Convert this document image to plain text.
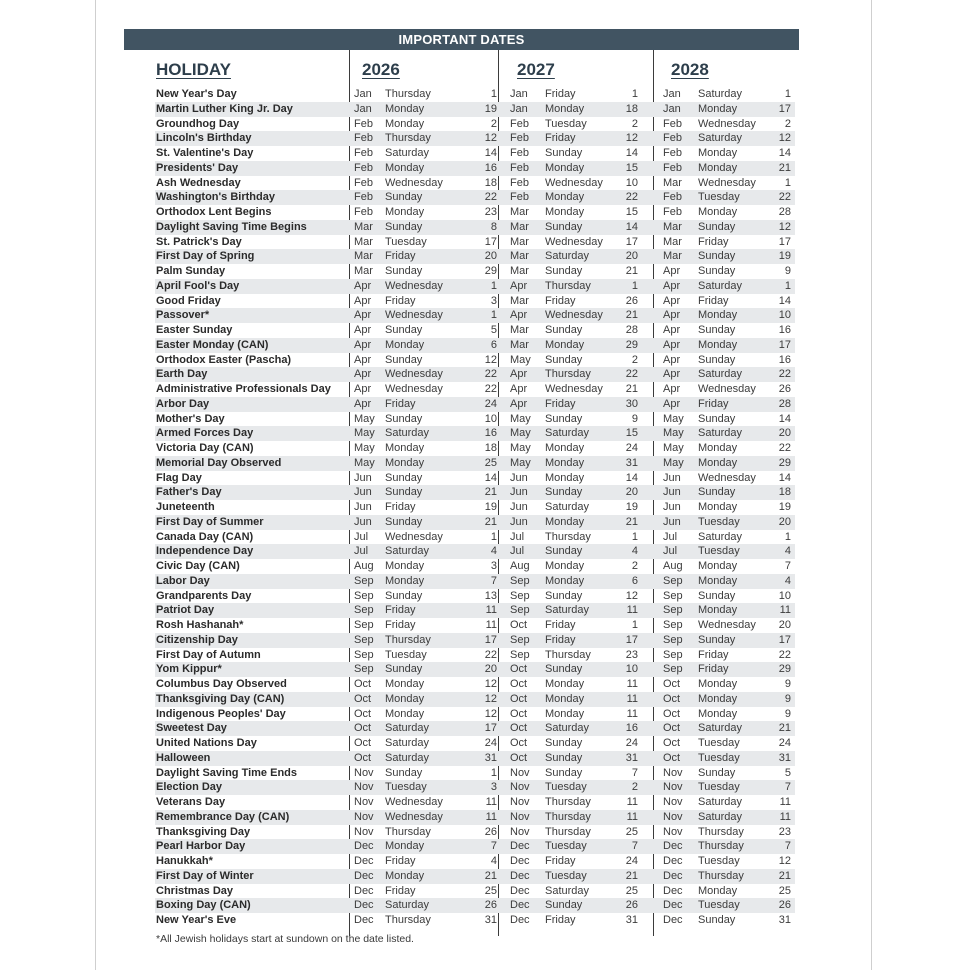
IMPORTANT DATES
HOLIDAY	2026	2027	2028
New Year's Day	Jan Thursday	1 Jan Friday	1 Jan Saturday	1
Martin Luther King Jr. Day	Jan Monday	19 Jan Monday	18 Jan Monday	17
Groundhog Day	Feb Monday	2 Feb Tuesday	2 Feb Wednesday	2
Lincoln's Birthday	Feb Thursday	12 Feb Friday	12 Feb Saturday	12
St. Valentine's Day	Feb Saturday	14 Feb Sunday	14 Feb Monday	14
Presidents' Day	Feb Monday	16 Feb Monday	15 Feb Monday	21
Ash Wednesday	Feb Wednesday	18 Feb Wednesday	10 Mar Wednesday	1
Washington's Birthday	Feb Sunday	22 Feb Monday	22 Feb Tuesday	22
Orthodox Lent Begins	Feb Monday	23 Mar Monday	15 Feb Monday	28
Daylight Saving Time Begins	Mar Sunday	8 Mar Sunday	14 Mar Sunday	12
St. Patrick's Day	Mar Tuesday	17 Mar Wednesday	17 Mar Friday	17
First Day of Spring	Mar Friday	20 Mar Saturday	20 Mar Sunday	19
Palm Sunday	Mar Sunday	29 Mar Sunday	21 Apr Sunday	9
April Fool's Day	Apr Wednesday	1 Apr Thursday	1 Apr Saturday	1
Good Friday	Apr Friday	3 Mar Friday	26 Apr Friday	14
Passover*	Apr Wednesday	1 Apr Wednesday	21 Apr Monday	10
Easter Sunday	Apr Sunday	5 Mar Sunday	28 Apr Sunday	16
Easter Monday (CAN)	Apr Monday	6 Mar Monday	29 Apr Monday	17
Orthodox Easter (Pascha)	Apr Sunday	12 May Sunday	2 Apr Sunday	16
Earth Day	Apr Wednesday	22 Apr Thursday	22 Apr Saturday	22
Administrative Professionals Day Apr Wednesday	22 Apr Wednesday	21 Apr Wednesday	26
Arbor Day	Apr Friday	24 Apr Friday	30 Apr Friday	28
Mother's Day	May Sunday	10 May Sunday	9 May Sunday	14
Armed Forces Day	May Saturday	16 May Saturday	15 May Saturday	20
Victoria Day (CAN)	May Monday	18 May Monday	24 May Monday	22
Memorial Day Observed	May Monday	25 May Monday	31 May Monday	29
Flag Day	Jun Sunday	14 Jun Monday	14 Jun Wednesday	14
Father's Day	Jun Sunday	21 Jun Sunday	20 Jun Sunday	18
Juneteenth	Jun Friday	19 Jun Saturday	19 Jun Monday	19
First Day of Summer	Jun Sunday	21 Jun Monday	21 Jun Tuesday	20
Canada Day (CAN)	Jul Wednesday	1 Jul Thursday	1 Jul Saturday	1
Independence Day	Jul Saturday	4 Jul Sunday	4 Jul Tuesday	4
Civic Day (CAN)	Aug Monday	3 Aug Monday	2 Aug Monday	7
Labor Day	Sep Monday	7 Sep Monday	6 Sep Monday	4
Grandparents Day	Sep Sunday	13 Sep Sunday	12 Sep Sunday	10
Patriot Day	Sep Friday	11 Sep Saturday	11 Sep Monday	11
Rosh Hashanah*	Sep Friday	11 Oct Friday	1 Sep Wednesday	20
Citizenship Day	Sep Thursday	17 Sep Friday	17 Sep Sunday	17
First Day of Autumn	Sep Tuesday	22 Sep Thursday	23 Sep Friday	22
Yom Kippur*	Sep Sunday	20 Oct Sunday	10 Sep Friday	29
Columbus Day Observed	Oct Monday	12 Oct Monday	11 Oct Monday	9
Thanksgiving Day (CAN)	Oct Monday	12 Oct Monday	11 Oct Monday	9
Indigenous Peoples' Day	Oct Monday	12 Oct Monday	11 Oct Monday	9
Sweetest Day	Oct Saturday	17 Oct Saturday	16 Oct Saturday	21
United Nations Day	Oct Saturday	24 Oct Sunday	24 Oct Tuesday	24
Halloween	Oct Saturday	31 Oct Sunday	31 Oct Tuesday	31
Daylight Saving Time Ends	Nov Sunday	1 Nov Sunday	7 Nov Sunday	5
Election Day	Nov Tuesday	3 Nov Tuesday	2 Nov Tuesday	7
Veterans Day	Nov Wednesday	11 Nov Thursday	11 Nov Saturday	11
Remembrance Day (CAN)	Nov Wednesday	11 Nov Thursday	11 Nov Saturday	11
Thanksgiving Day	Nov Thursday	26 Nov Thursday	25 Nov Thursday	23
Pearl Harbor Day	Dec Monday	7 Dec Tuesday	7 Dec Thursday	7
Hanukkah*	Dec Friday	4 Dec Friday	24 Dec Tuesday	12
First Day of Winter	Dec Monday	21 Dec Tuesday	21 Dec Thursday	21
Christmas Day	Dec Friday	25 Dec Saturday	25 Dec Monday	25
Boxing Day (CAN)	Dec Saturday	26 Dec Sunday	26 Dec Tuesday	26
New Year's Eve	Dec Thursday	31 Dec Friday	31 Dec Sunday	31
*All Jewish holidays start at sundown on the date listed.
